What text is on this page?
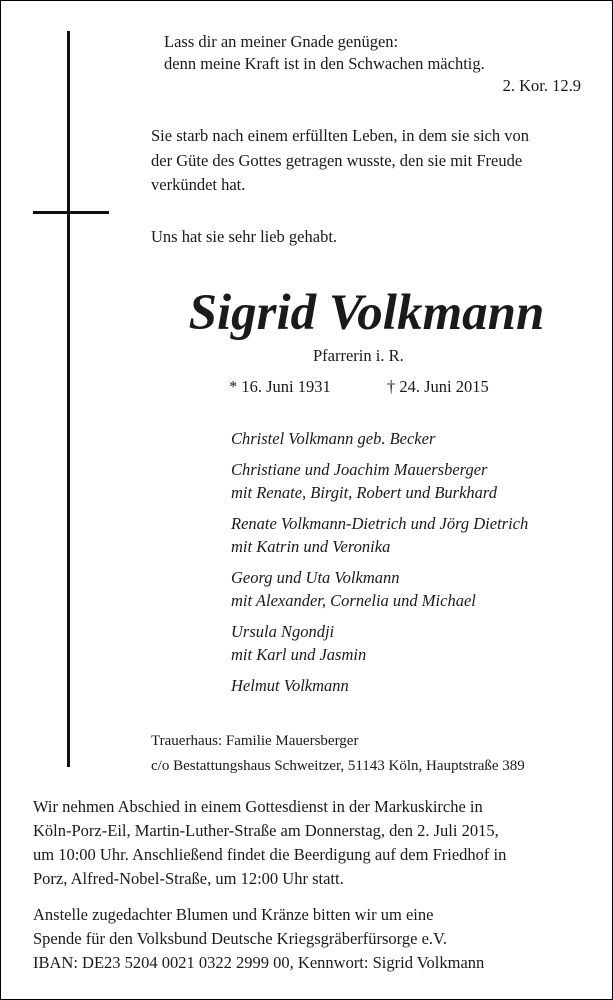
Lass dir an meiner Gnade genügen:

denn meine Kraft ist in den Schwachen mächtig.

2. Kor. 12.9

Sie starb nach einem erfüllten Leben, in dem sie sich von

der Güte des Gottes getragen wusste, den sie mit Freude

verkündet hat.

Uns hat sie sehr lieb gehabt.

Sigrid Volkmann

Pfarrerin i. R.

* 16. Juni 1931	† 24. Juni 2015

Christel Volkmann geb. Becker

Christiane und Joachim Mauersberger

mit Renate, Birgit, Robert und Burkhard

Renate Volkmann-Dietrich und Jörg Dietrich

mit Katrin und Veronika

Georg und Uta Volkmann

mit Alexander, Cornelia und Michael

Ursula Ngondji

mit Karl und Jasmin

Helmut Volkmann

Trauerhaus: Familie Mauersberger

c/o Bestattungshaus Schweitzer, 51143 Köln, Hauptstraße 389

Wir nehmen Abschied in einem Gottesdienst in der Markuskirche in

Köln-Porz-Eil, Martin-Luther-Straße am Donnerstag, den 2. Juli 2015,

um 10:00 Uhr. Anschließend findet die Beerdigung auf dem Friedhof in

Porz, Alfred-Nobel-Straße, um 12:00 Uhr statt.

Anstelle zugedachter Blumen und Kränze bitten wir um eine

Spende für den Volksbund Deutsche Kriegsgräberfürsorge e.V.

IBAN: DE23 5204 0021 0322 2999 00, Kennwort: Sigrid Volkmann
